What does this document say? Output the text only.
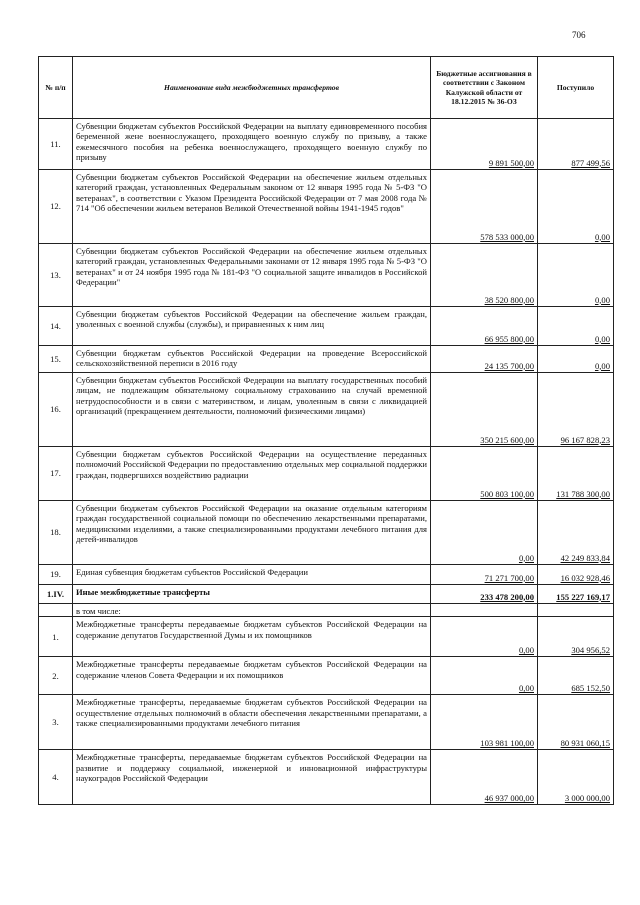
706
№ п/п	Наименование вида межбюджетных трансфертов	Бюджетные ассигнования в соответствии с Законом Калужской области от 18.12.2015 № 36-ОЗ	Поступило
11.	Субвенции бюджетам субъектов Российской Федерации на выплату единовременного пособия беременной жене военнослужащего, проходящего военную службу по призыву, а также ежемесячного пособия на ребенка военнослужащего, проходящего военную службу по призыву	9 891 500,00	877 499,56
12.	Субвенции бюджетам субъектов Российской Федерации на обеспечение жильем отдельных категорий граждан, установленных Федеральным законом от 12 января 1995 года № 5-ФЗ "О ветеранах", в соответствии с Указом Президента Российской Федерации от 7 мая 2008 года № 714 "Об обеспечении жильем ветеранов Великой Отечественной войны 1941-1945 годов"	578 533 000,00	0,00
13.	Субвенции бюджетам субъектов Российской Федерации на обеспечение жильем отдельных категорий граждан, установленных Федеральными законами от 12 января 1995 года № 5-ФЗ "О ветеранах" и от 24 ноября 1995 года № 181-ФЗ "О социальной защите инвалидов в Российской Федерации"	38 520 800,00	0,00
14.	Субвенции бюджетам субъектов Российской Федерации на обеспечение жильем граждан, уволенных с военной службы (службы), и приравненных к ним лиц	66 955 800,00	0,00
15.	Субвенции бюджетам субъектов Российской Федерации на проведение Всероссийской сельскохозяйственной переписи в 2016 году	24 135 700,00	0,00
16.	Субвенции бюджетам субъектов Российской Федерации на выплату государственных пособий лицам, не подлежащим обязательному социальному страхованию на случай временной нетрудоспособности и в связи с материнством, и лицам, уволенным в связи с ликвидацией организаций (прекращением деятельности, полномочий физическими лицами)	350 215 600,00	96 167 828,23
17.	Субвенции бюджетам субъектов Российской Федерации на осуществление переданных полномочий Российской Федерации по предоставлению отдельных мер социальной поддержки граждан, подвергшихся воздействию радиации	500 803 100,00	131 788 300,00
18.	Субвенции бюджетам субъектов Российской Федерации на оказание отдельным категориям граждан государственной социальной помощи по обеспечению лекарственными препаратами, медицинскими изделиями, а также специализированными продуктами лечебного питания для детей-инвалидов	0,00	42 249 833,84
19.	Единая субвенция бюджетам субъектов Российской Федерации	71 271 700,00	16 032 928,46
1.IV.	Иные межбюджетные трансферты	233 478 200,00	155 227 169,17
	в том числе:		
1.	Межбюджетные трансферты передаваемые бюджетам субъектов Российской Федерации на содержание депутатов Государственной Думы и их помощников	0,00	304 956,52
2.	Межбюджетные трансферты передаваемые бюджетам субъектов Российской Федерации на содержание членов Совета Федерации и их помощников	0,00	685 152,50
3.	Межбюджетные трансферты, передаваемые бюджетам субъектов Российской Федерации на осуществление отдельных полномочий в области обеспечения лекарственными препаратами, а также специализированными продуктами лечебного питания	103 981 100,00	80 931 060,15
4.	Межбюджетные трансферты, передаваемые бюджетам субъектов Российской Федерации на развитие и поддержку социальной, инженерной и инновационной инфраструктуры наукоградов Российской Федерации	46 937 000,00	3 000 000,00
